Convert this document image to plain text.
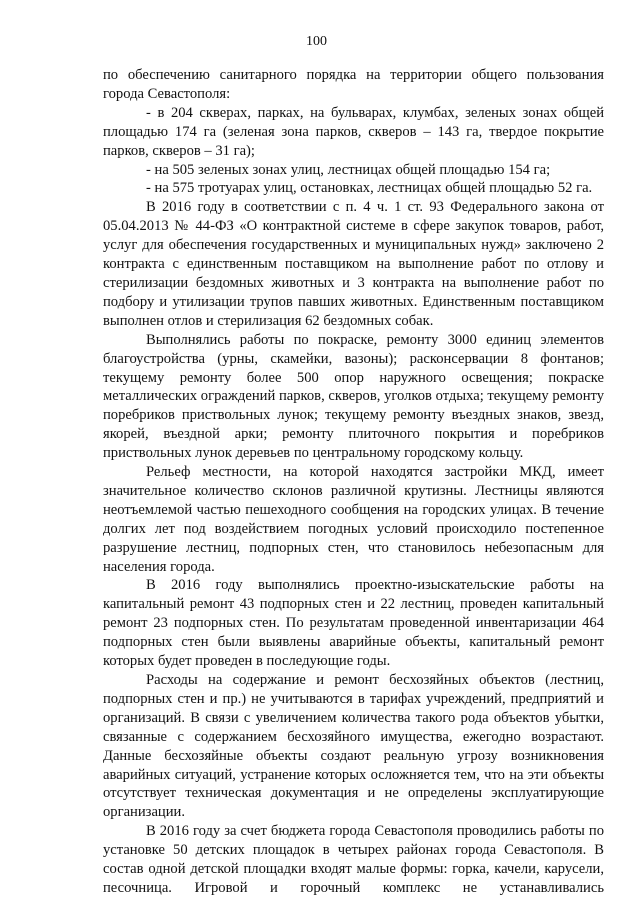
100

по обеспечению санитарного порядка на территории общего пользования города Севастополя:

- в 204 скверах, парках, на бульварах, клумбах, зеленых зонах общей площадью 174 га (зеленая зона парков, скверов – 143 га, твердое покрытие парков, скверов – 31 га);

- на 505 зеленых зонах улиц, лестницах общей площадью 154 га;

- на 575 тротуарах улиц, остановках, лестницах общей площадью 52 га.

В 2016 году в соответствии с п. 4 ч. 1 ст. 93 Федерального закона от 05.04.2013 № 44-ФЗ «О контрактной системе в сфере закупок товаров, работ, услуг для обеспечения государственных и муниципальных нужд» заключено 2 контракта с единственным поставщиком на выполнение работ по отлову и стерилизации бездомных животных и 3 контракта на выполнение работ по подбору и утилизации трупов павших животных. Единственным поставщиком выполнен отлов и стерилизация 62 бездомных собак.

Выполнялись работы по покраске, ремонту 3000 единиц элементов благоустройства (урны, скамейки, вазоны); расконсервации 8 фонтанов; текущему ремонту более 500 опор наружного освещения; покраске металлических ограждений парков, скверов, уголков отдыха; текущему ремонту поребриков приствольных лунок; текущему ремонту въездных знаков, звезд, якорей, въездной арки; ремонту плиточного покрытия и поребриков приствольных лунок деревьев по центральному городскому кольцу.

Рельеф местности, на которой находятся застройки МКД, имеет значительное количество склонов различной крутизны. Лестницы являются неотъемлемой частью пешеходного сообщения на городских улицах. В течение долгих лет под воздействием погодных условий происходило постепенное разрушение лестниц, подпорных стен, что становилось небезопасным для населения города.

В 2016 году выполнялись проектно-изыскательские работы на капитальный ремонт 43 подпорных стен и 22 лестниц, проведен капитальный ремонт 23 подпорных стен. По результатам проведенной инвентаризации 464 подпорных стен были выявлены аварийные объекты, капитальный ремонт которых будет проведен в последующие годы.

Расходы на содержание и ремонт бесхозяйных объектов (лестниц, подпорных стен и пр.) не учитываются в тарифах учреждений, предприятий и организаций. В связи с увеличением количества такого рода объектов убытки, связанные с содержанием бесхозяйного имущества, ежегодно возрастают. Данные бесхозяйные объекты создают реальную угрозу возникновения аварийных ситуаций, устранение которых осложняется тем, что на эти объекты отсутствует техническая документация и не определены эксплуатирующие организации.

В 2016 году за счет бюджета города Севастополя проводились работы по установке 50 детских площадок в четырех районах города Севастополя. В состав одной детской площадки входят малые формы: горка, качели, карусели, песочница. Игровой и горочный комплекс не устанавливались
